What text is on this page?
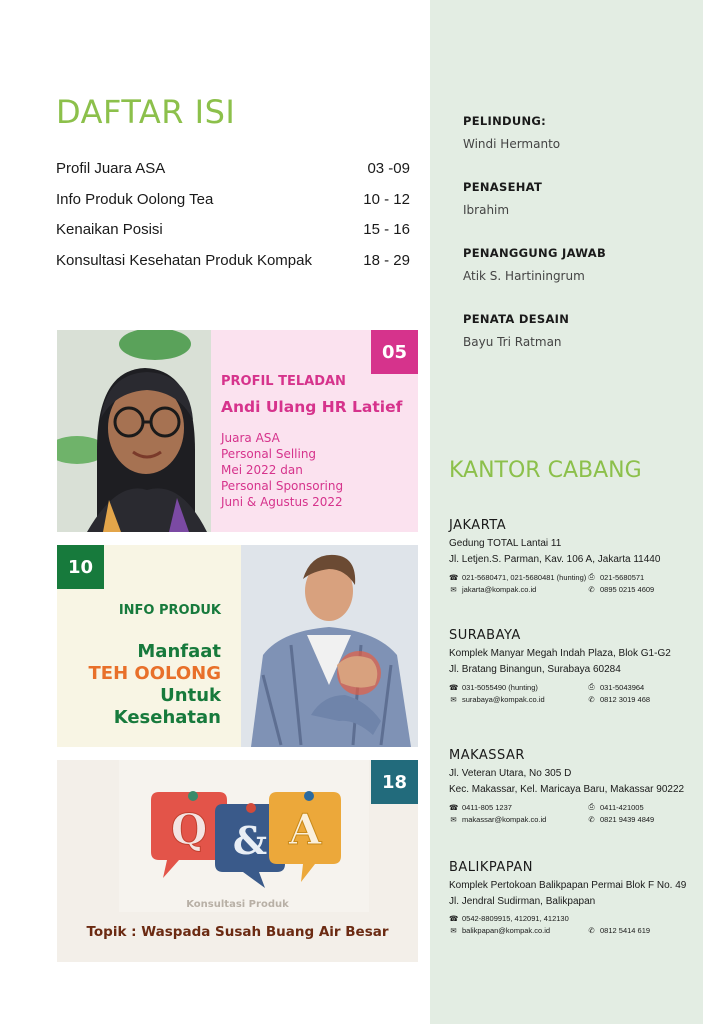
DAFTAR ISI
Profil Juara ASA	03 -09
Info Produk Oolong Tea	10 - 12
Kenaikan Posisi	15 - 16
Konsultasi Kesehatan Produk Kompak	18 - 29
05
PROFIL TELADAN
Andi Ulang HR Latief
Juara ASA
Personal Selling
Mei 2022 dan
Personal Sponsoring
Juni & Agustus 2022
10
INFO PRODUK
Manfaat
TEH OOLONG
Untuk
Kesehatan
Q & A
18
Konsultasi Produk
Topik : Waspada Susah Buang Air Besar
PELINDUNG:
Windi Hermanto
PENASEHAT
Ibrahim
PENANGGUNG JAWAB
Atik S. Hartiningrum
PENATA DESAIN
Bayu Tri Ratman
KANTOR CABANG
JAKARTA
Gedung TOTAL Lantai 11
Jl. Letjen.S. Parman, Kav. 106 A, Jakarta 11440
☎ 021-5680471, 021-5680481 (hunting) ⎙ 021-5680571
✉ jakarta@kompak.co.id	✆ 0895 0215 4609
SURABAYA
Komplek Manyar Megah Indah Plaza, Blok G1-G2
Jl. Bratang Binangun, Surabaya 60284
☎ 031-5055490 (hunting)	⎙ 031-5043964
✉ surabaya@kompak.co.id	✆ 0812 3019 468
MAKASSAR
Jl. Veteran Utara, No 305 D
Kec. Makassar, Kel. Maricaya Baru, Makassar 90222
☎ 0411-805 1237	⎙ 0411-421005
✉ makassar@kompak.co.id	✆ 0821 9439 4849
BALIKPAPAN
Komplek Pertokoan Balikpapan Permai Blok F No. 49
Jl. Jendral Sudirman, Balikpapan
☎ 0542-8809915, 412091, 412130
✉ balikpapan@kompak.co.id	✆ 0812 5414 619
